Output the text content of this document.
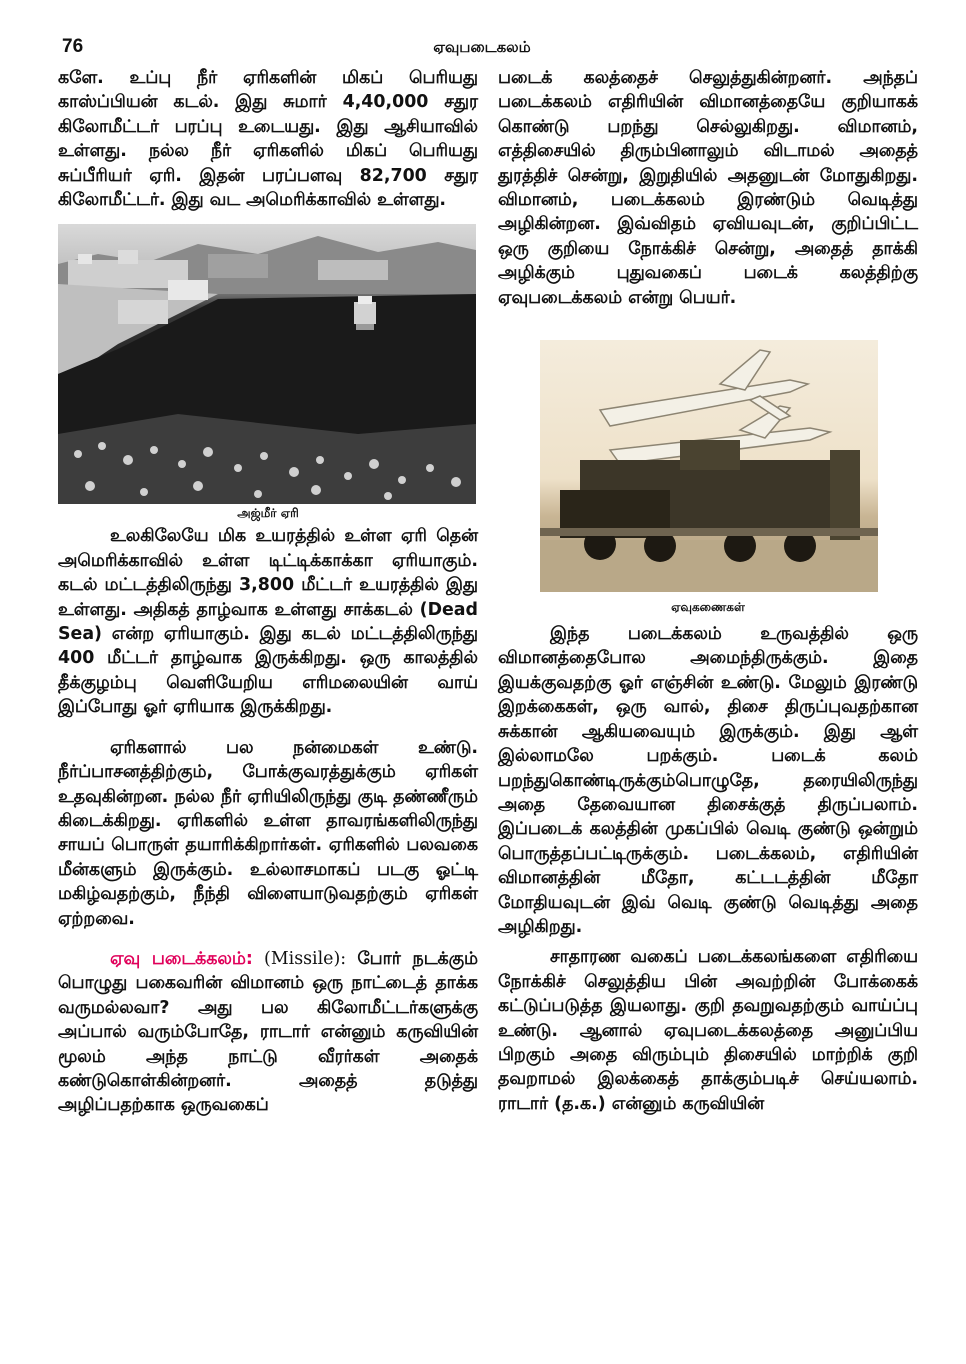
76	ஏவுபடைகலம்

களே. உப்பு நீர் ஏரிகளின் மிகப் பெரியது காஸ்ப்பியன் கடல். இது சுமார் 4,40,000 சதுர கிலோமீட்டர் பரப்பு உடையது. இது ஆசியாவில் உள்ளது. நல்ல நீர் ஏரிகளில் மிகப் பெரியது சுப்பீரியர் ஏரி. இதன் பரப்பளவு 82,700 சதுர கிலோமீட்டர். இது வட அமெரிக்காவில் உள்ளது.

அஜ்மீர் ஏரி

உலகிலேயே மிக உயரத்தில் உள்ள ஏரி தென் அமெரிக்காவில் உள்ள டிட்டிக்காக்கா ஏரியாகும். கடல் மட்டத்திலிருந்து 3,800 மீட்டர் உயரத்தில் இது உள்ளது. அதிகத் தாழ்வாக உள்ளது சாக்கடல் (Dead Sea) என்ற ஏரியாகும். இது கடல் மட்டத்திலிருந்து 400 மீட்டர் தாழ்வாக இருக்கிறது. ஒரு காலத்தில் தீக்குழம்பு வெளியேறிய எரிமலையின் வாய் இப்போது ஓர் ஏரியாக இருக்கிறது.

ஏரிகளால் பல நன்மைகள் உண்டு. நீர்ப்பாசனத்திற்கும், போக்குவரத்துக்கும் ஏரிகள் உதவுகின்றன. நல்ல நீர் ஏரியிலிருந்து குடி தண்ணீரும் கிடைக்கிறது. ஏரிகளில் உள்ள தாவரங்களிலிருந்து சாயப் பொருள் தயாரிக்கிறார்கள். ஏரிகளில் பலவகை மீன்களும் இருக்கும். உல்லாசமாகப் படகு ஓட்டி மகிழ்வதற்கும், நீந்தி விளையாடுவதற்கும் ஏரிகள் ஏற்றவை.

ஏவு படைக்கலம்: (Missile): போர் நடக்கும் பொழுது பகைவரின் விமானம் ஒரு நாட்டைத் தாக்க வருமல்லவா? அது பல கிலோமீட்டர்களுக்கு அப்பால் வரும்போதே, ராடார் என்னும் கருவியின் மூலம் அந்த நாட்டு வீரர்கள் அதைக் கண்டுகொள்கின்றனர். அதைத் தடுத்து அழிப்பதற்காக ஒருவகைப்

படைக் கலத்தைச் செலுத்துகின்றனர். அந்தப் படைக்கலம் எதிரியின் விமானத்தையே குறியாகக் கொண்டு பறந்து செல்லுகிறது. விமானம், எத்திசையில் திரும்பினாலும் விடாமல் அதைத் துரத்திச் சென்று, இறுதியில் அதனுடன் மோதுகிறது. விமானம், படைக்கலம் இரண்டும் வெடித்து அழிகின்றன. இவ்விதம் ஏவியவுடன், குறிப்பிட்ட ஒரு குறியை நோக்கிச் சென்று, அதைத் தாக்கி அழிக்கும் புதுவகைப் படைக் கலத்திற்கு ஏவுபடைக்கலம் என்று பெயர்.

ஏவுகணைகள்

இந்த படைக்கலம் உருவத்தில் ஒரு விமானத்தைபோல அமைந்திருக்கும். இதை இயக்குவதற்கு ஓர் எஞ்சின் உண்டு. மேலும் இரண்டு இறக்கைகள், ஒரு வால், திசை திருப்புவதற்கான சுக்கான் ஆகியவையும் இருக்கும். இது ஆள் இல்லாமலே பறக்கும். படைக் கலம் பறந்துகொண்டிருக்கும்பொழுதே, தரையிலிருந்து அதை தேவையான திசைக்குத் திருப்பலாம். இப்படைக் கலத்தின் முகப்பில் வெடி குண்டு ஒன்றும் பொருத்தப்பட்டிருக்கும். படைக்கலம், எதிரியின் விமானத்தின் மீதோ, கட்டடத்தின் மீதோ மோதியவுடன் இவ் வெடி குண்டு வெடித்து அதை அழிகிறது.

சாதாரண வகைப் படைக்கலங்களை எதிரியை நோக்கிச் செலுத்திய பின் அவற்றின் போக்கைக் கட்டுப்படுத்த இயலாது. குறி தவறுவதற்கும் வாய்ப்பு உண்டு. ஆனால் ஏவுபடைக்கலத்தை அனுப்பிய பிறகும் அதை விரும்பும் திசையில் மாற்றிக் குறி தவறாமல் இலக்கைத் தாக்கும்படிச் செய்யலாம். ராடார் (த.க.) என்னும் கருவியின்
